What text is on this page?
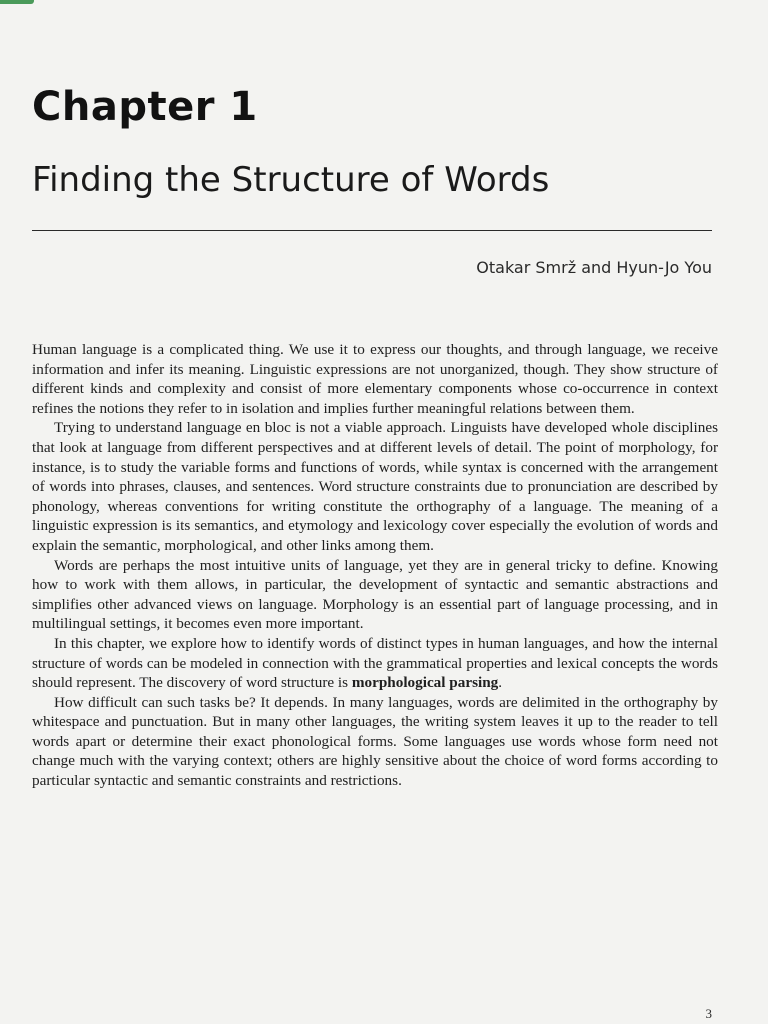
Chapter 1
Finding the Structure of Words
Otakar Smrž and Hyun-Jo You

Human language is a complicated thing. We use it to express our thoughts, and through language, we receive information and infer its meaning. Linguistic expressions are not unorganized, though. They show structure of different kinds and complexity and consist of more elementary components whose co-occurrence in context refines the notions they refer to in isolation and implies further meaningful relations between them.

Trying to understand language en bloc is not a viable approach. Linguists have developed whole disciplines that look at language from different perspectives and at different levels of detail. The point of morphology, for instance, is to study the variable forms and functions of words, while syntax is concerned with the arrangement of words into phrases, clauses, and sentences. Word structure constraints due to pronunciation are described by phonology, whereas conventions for writing constitute the orthography of a language. The meaning of a linguistic expression is its semantics, and etymology and lexicology cover especially the evolution of words and explain the semantic, morphological, and other links among them.

Words are perhaps the most intuitive units of language, yet they are in general tricky to define. Knowing how to work with them allows, in particular, the development of syntactic and semantic abstractions and simplifies other advanced views on language. Morphology is an essential part of language processing, and in multilingual settings, it becomes even more important.

In this chapter, we explore how to identify words of distinct types in human languages, and how the internal structure of words can be modeled in connection with the grammatical properties and lexical concepts the words should represent. The discovery of word structure is morphological parsing.

How difficult can such tasks be? It depends. In many languages, words are delimited in the orthography by whitespace and punctuation. But in many other languages, the writing system leaves it up to the reader to tell words apart or determine their exact phonological forms. Some languages use words whose form need not change much with the varying context; others are highly sensitive about the choice of word forms according to particular syntactic and semantic constraints and restrictions.

3
